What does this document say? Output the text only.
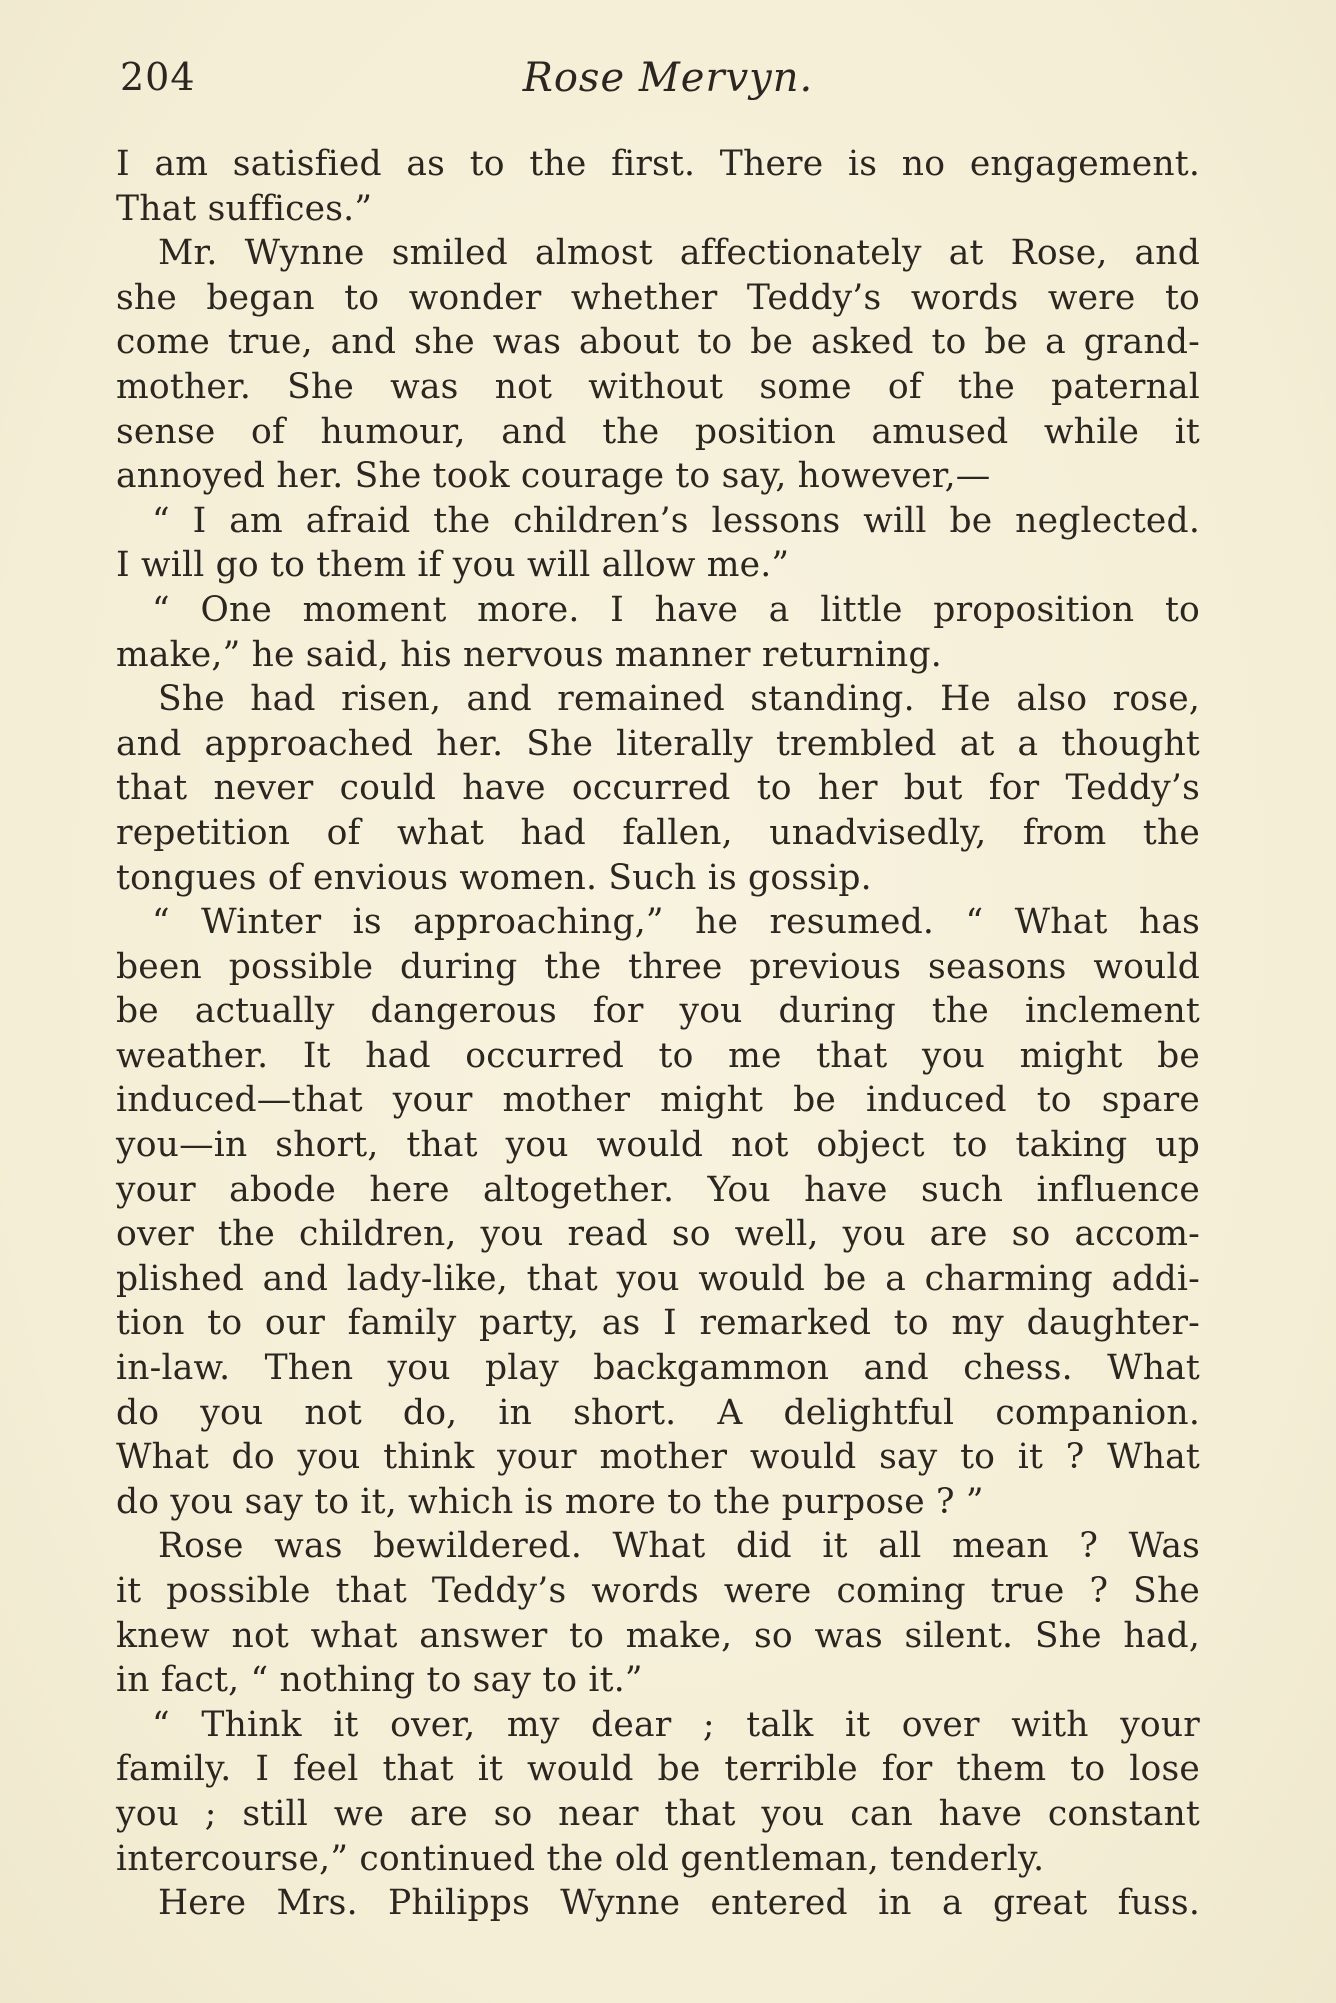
204	Rose Mervyn.
I am satisfied as to the first. There is no engagement.
That suffices.”
Mr. Wynne smiled almost affectionately at Rose, and
she began to wonder whether Teddy’s words were to
come true, and she was about to be asked to be a grand-
mother. She was not without some of the paternal
sense of humour, and the position amused while it
annoyed her. She took courage to say, however,—
“ I am afraid the children’s lessons will be neglected.
I will go to them if you will allow me.”
“ One moment more. I have a little proposition to
make,” he said, his nervous manner returning.
She had risen, and remained standing. He also rose,
and approached her. She literally trembled at a thought
that never could have occurred to her but for Teddy’s
repetition of what had fallen, unadvisedly, from the
tongues of envious women. Such is gossip.
“ Winter is approaching,” he resumed. “ What has
been possible during the three previous seasons would
be actually dangerous for you during the inclement
weather. It had occurred to me that you might be
induced—that your mother might be induced to spare
you—in short, that you would not object to taking up
your abode here altogether. You have such influence
over the children, you read so well, you are so accom-
plished and lady-like, that you would be a charming addi-
tion to our family party, as I remarked to my daughter-
in-law. Then you play backgammon and chess. What
do you not do, in short. A delightful companion.
What do you think your mother would say to it ? What
do you say to it, which is more to the purpose ? ”
Rose was bewildered. What did it all mean ? Was
it possible that Teddy’s words were coming true ? She
knew not what answer to make, so was silent. She had,
in fact, “ nothing to say to it.”
“ Think it over, my dear ; talk it over with your
family. I feel that it would be terrible for them to lose
you ; still we are so near that you can have constant
intercourse,” continued the old gentleman, tenderly.
Here Mrs. Philipps Wynne entered in a great fuss.
